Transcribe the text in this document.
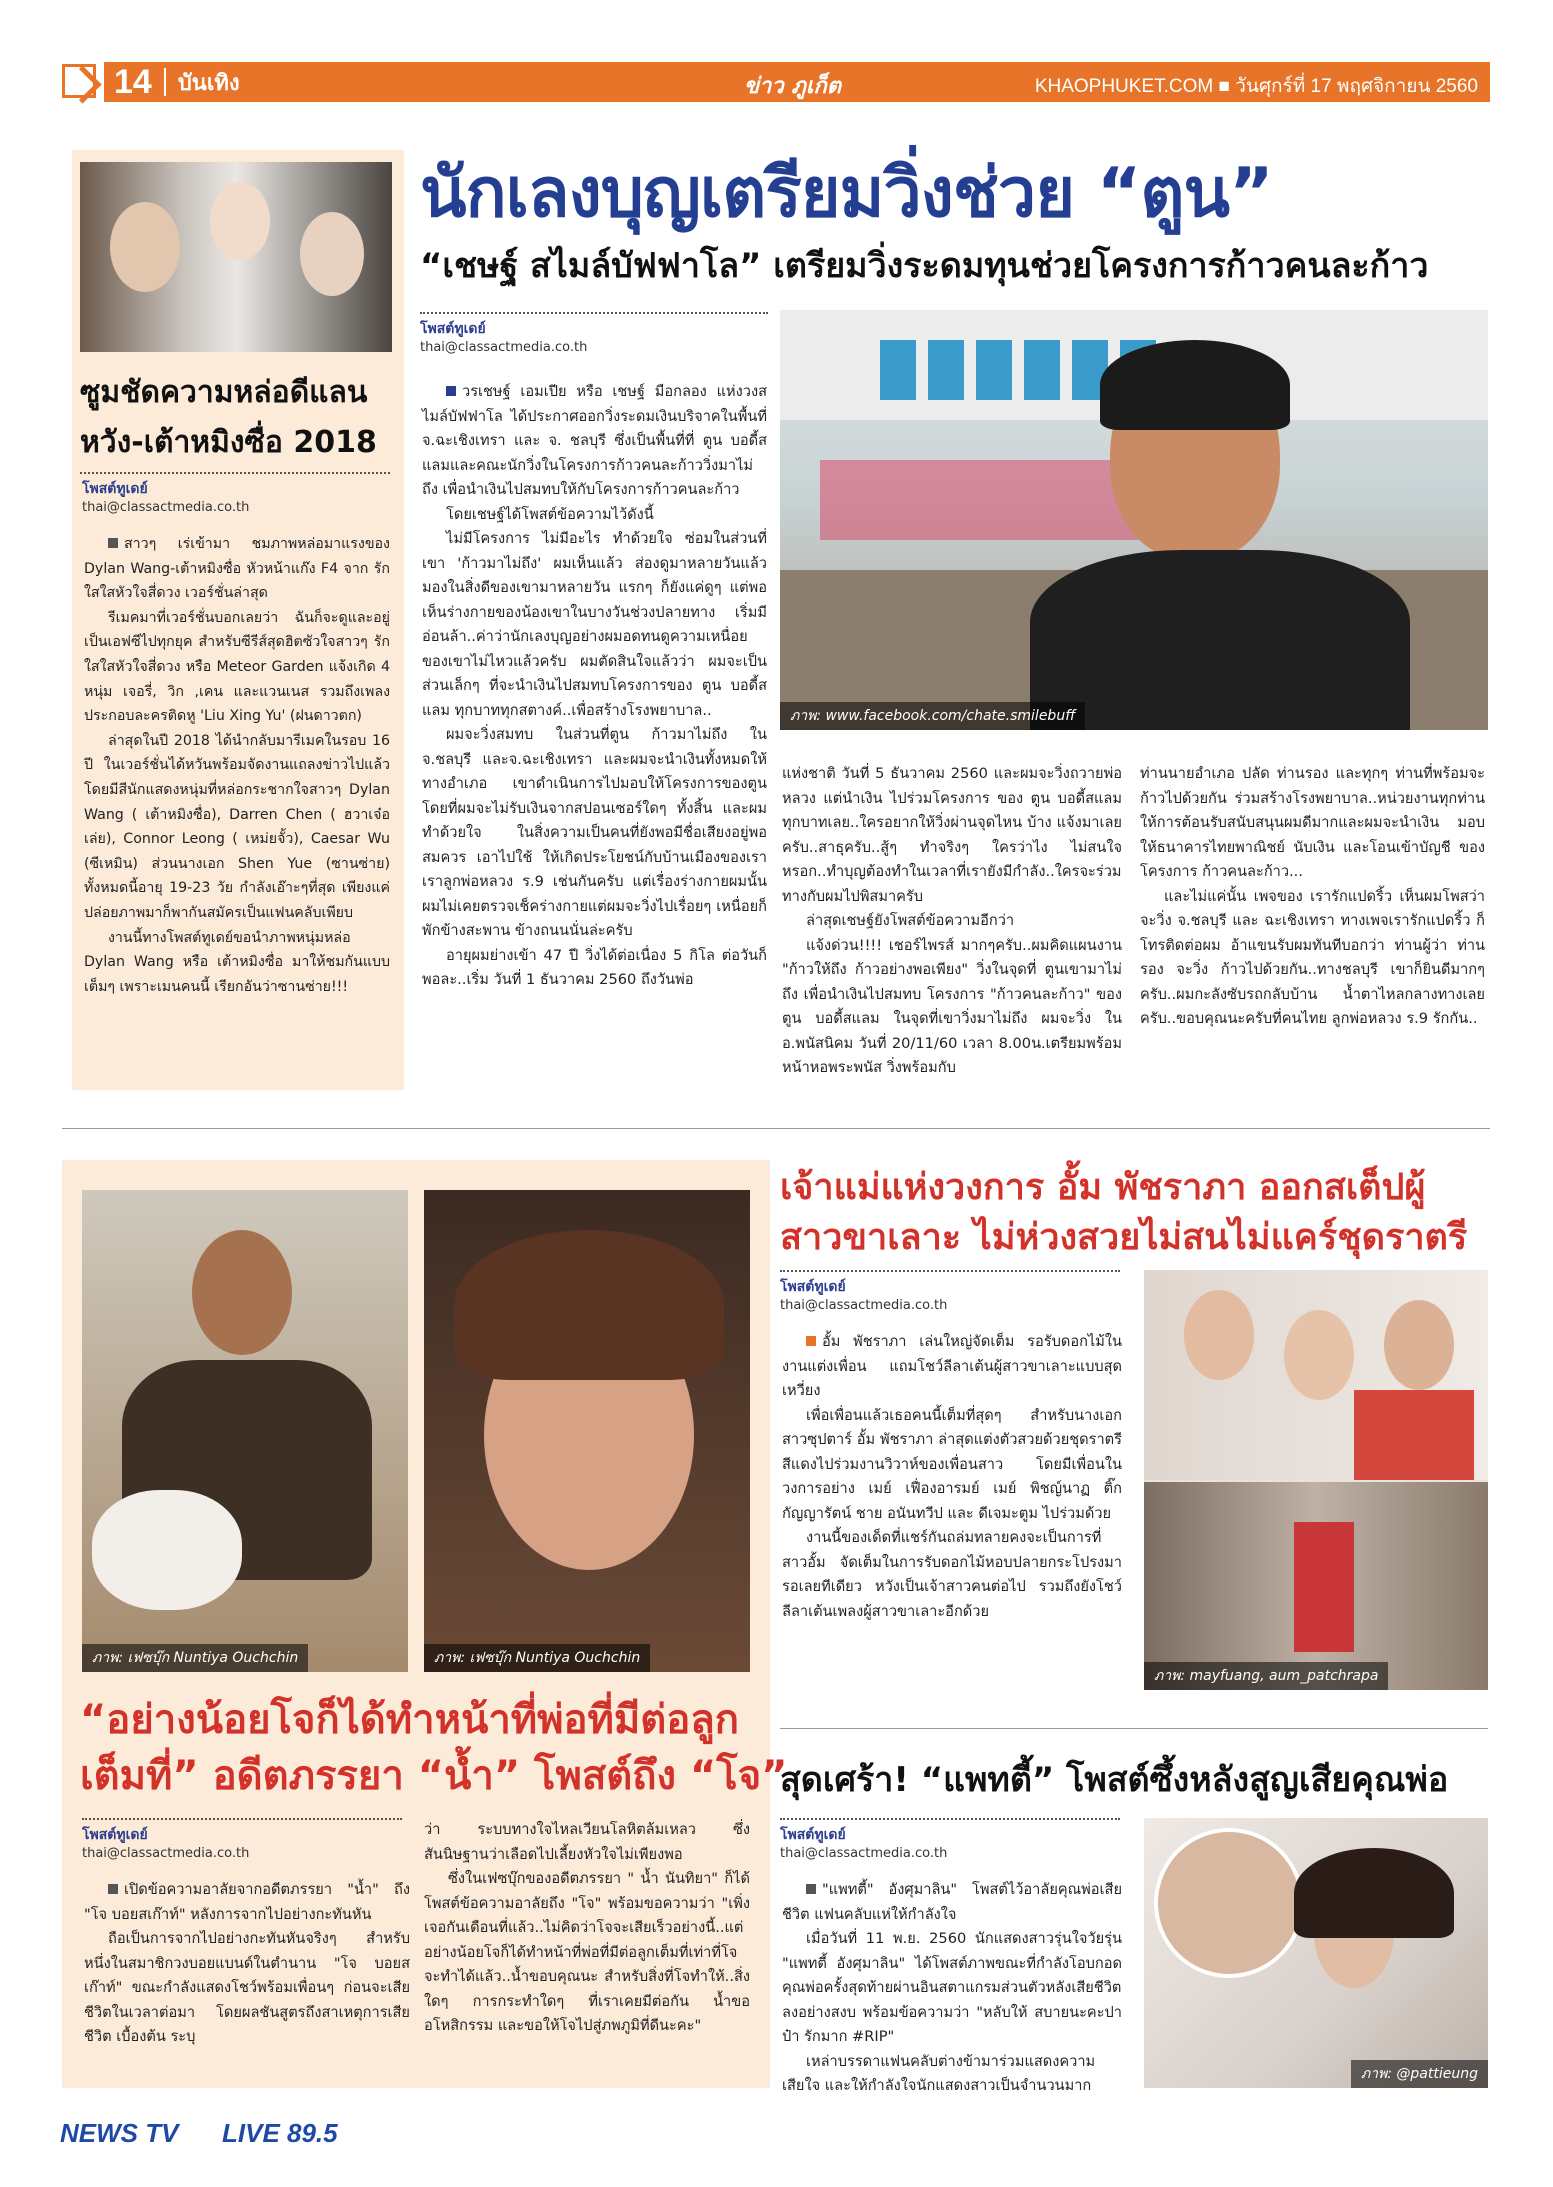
14 บันเทิง	ข่าว ภูเก็ต	KHAOPHUKET.COM ■ วันศุกร์ที่ 17 พฤศจิกายน 2560
ซูมชัดความหล่อดีแลน
หวัง-เต้าหมิงซื่อ 2018
โพสต์ทูเดย์
thai@classactmedia.co.th

สาวๆ เร่เข้ามา ชมภาพหล่อมาแรงของ Dylan Wang-เต้าหมิงซื่อ หัวหน้าแก๊ง F4 จาก รักใสใสหัวใจสี่ดวง เวอร์ชั่นล่าสุด

รีเมคมาที่เวอร์ชั่นบอกเลยว่า ฉันก็จะดูและอยู่เป็นเอฟซีไปทุกยุค สำหรับซีรีส์สุดฮิตซัวใจสาวๆ รักใสใสหัวใจสี่ดวง หรือ Meteor Garden แจ้งเกิด 4 หนุ่ม เจอรี่, วิก ,เคน และแวนเนส รวมถึงเพลงประกอบละครติดหู 'Liu Xing Yu' (ฝนดาวตก)

ล่าสุดในปี 2018 ได้นำกลับมารีเมคในรอบ 16 ปี ในเวอร์ชั่นได้หวันพร้อมจัดงานแถลงข่าวไปแล้ว โดยมีสีนักแสดงหนุ่มที่หล่อกระชากใจสาวๆ Dylan Wang ( เต้าหมิงซื่อ), Darren Chen ( ฮวาเจ๋อเล่ย), Connor Leong ( เหม่ยจั้ว), Caesar Wu (ซีเหมิน) ส่วนนางเอก Shen Yue (ซานซ่าย) ทั้งหมดนี้อายุ 19-23 วัย กำลังเอ๊าะๆที่สุด เพียงแค่ปล่อยภาพมาก็พากันสมัครเป็นแฟนคลับเพียบ

งานนี้ทางโพสต์ทูเดย์ขอนำภาพหนุ่มหล่อ Dylan Wang หรือ เต้าหมิงซื่อ มาให้ชมกันแบบเต็มๆ เพราะเมนคนนี้ เรียกอันว่าซานซ่าย!!!

นักเลงบุญเตรียมวิ่งช่วย “ตูน”
“เชษฐ์ สไมล์บัฟฟาโล” เตรียมวิ่งระดมทุนช่วยโครงการก้าวคนละก้าว
โพสต์ทูเดย์
thai@classactmedia.co.th
ภาพ: www.facebook.com/chate.smilebuff

วรเชษฐ์ เอมเปีย หรือ เชษฐ์ มือกลอง แห่งวงสไมล์บัฟฟาโล ได้ประกาศออกวิ่งระดมเงินบริจาคในพื้นที่ จ.ฉะเชิงเทรา และ จ. ชลบุรี ซึ่งเป็นพื้นที่ที่ ตูน บอดี้สแลมและคณะนักวิ่งในโครงการก้าวคนละก้าววิ่งมาไม่ถึง เพื่อนำเงินไปสมทบให้กับโครงการก้าวคนละก้าว

โดยเชษฐ์ได้โพสต์ข้อความไว้ดังนี้

ไม่มีโครงการ ไม่มีอะไร ทำด้วยใจ ซ่อมในส่วนที่เขา 'ก้าวมาไม่ถึง' ผมเห็นแล้ว ส่องดูมาหลายวันแล้ว มองในสิ่งดีของเขามาหลายวัน แรกๆ ก็ยังแค่ดูๆ แต่พอเห็นร่างกายของน้องเขาในบางวันช่วงปลายทาง เริ่มมีอ่อนล้า..ค่าว่านักเลงบุญอย่างผมอดทนดูความเหนื่อย ของเขาไม่ไหวแล้วครับ ผมตัดสินใจแล้วว่า ผมจะเป็นส่วนเล็กๆ ที่จะนำเงินไปสมทบโครงการของ ตูน บอดี้สแลม ทุกบาททุกสตางค์..เพื่อสร้างโรงพยาบาล..

ผมจะวิ่งสมทบ ในส่วนที่ตูน ก้าวมาไม่ถึง ใน จ.ชลบุรี และจ.ฉะเชิงเทรา และผมจะนำเงินทั้งหมดให้ทางอำเภอ เขาดำเนินการไปมอบให้โครงการของตูน โดยที่ผมจะไม่รับเงินจากสปอนเซอร์ใดๆ ทั้งสิ้น และผมทำด้วยใจ ในสิ่งความเป็นคนที่ยังพอมีชื่อเสียงอยู่พอสมควร เอาไปใช้ ให้เกิดประโยชน์กับบ้านเมืองของเรา เราลูกพ่อหลวง ร.9 เช่นกันครับ แต่เรื่องร่างกายผมนั้น ผมไม่เคยตรวจเช็คร่างกายแต่ผมจะวิ่งไปเรื่อยๆ เหนื่อยก็พักข้างสะพาน ข้างถนนนั่นล่ะครับ

อายุผมย่างเข้า 47 ปี วิ่งได้ต่อเนื่อง 5 กิโล ต่อวันก็พอละ..เริ่ม วันที่ 1 ธันวาคม 2560 ถึงวันพ่อ

แห่งชาติ วันที่ 5 ธันวาคม 2560 และผมจะวิ่งถวายพ่อหลวง แต่นำเงิน ไปร่วมโครงการ ของ ตูน บอดี้สแลม ทุกบาทเลย..ใครอยากให้วิ่งผ่านจุดไหน บ้าง แจ้งมาเลยครับ..สาธุครับ..สู้ๆ ทำจริงๆ ใครว่าไง ไม่สนใจหรอก..ทำบุญต้องทำในเวลาที่เรายังมีกำลัง..ใครจะร่วมทางกับผมไปพิสมาครับ

ล่าสุดเชษฐ์ยังโพสต์ข้อความอีกว่า

แจ้งด่วน!!!! เชอร์ไพรส์ มากๆครับ..ผมคิดแผนงาน "ก้าวให้ถึง ก้าวอย่างพอเพียง" วิ่งในจุดที่ ตูนเขามาไม่ถึง เพื่อนำเงินไปสมทบ โครงการ "ก้าวคนละก้าว" ของตูน บอดี้สแลม ในจุดที่เขาวิ่งมาไม่ถึง ผมจะวิ่ง ใน อ.พนัสนิคม วันที่ 20/11/60 เวลา 8.00น.เตรียมพร้อมหน้าหอพระพนัส วิ่งพร้อมกับ

ท่านนายอำเภอ ปลัด ท่านรอง และทุกๆ ท่านที่พร้อมจะก้าวไปด้วยกัน ร่วมสร้างโรงพยาบาล..หน่วยงานทุกท่านให้การต้อนรับสนับสนุนผมดีมากและผมจะนำเงิน มอบให้ธนาคารไทยพาณิชย์ นับเงิน และโอนเข้าบัญชี ของโครงการ ก้าวคนละก้าว...

และไม่แค่นั้น เพจของ เรารักแปดริ้ว เห็นผมโพสว่าจะวิ่ง จ.ชลบุรี และ ฉะเชิงเทรา ทางเพจเรารักแปดริ้ว ก็โทรติดต่อผม อ้าแขนรับผมทันทีบอกว่า ท่านผู้ว่า ท่านรอง จะวิ่ง ก้าวไปด้วยกัน..ทางชลบุรี เขาก็ยินดีมากๆครับ..ผมกะลังซับรถกลับบ้าน น้ำตาไหลกลางทางเลยครับ..ขอบคุณนะครับที่คนไทย ลูกพ่อหลวง ร.9 รักกัน..

ภาพ: เฟซบุ๊ก Nuntiya Ouchchin	ภาพ: เฟซบุ๊ก Nuntiya Ouchchin
“อย่างน้อยโจก็ได้ทำหน้าที่พ่อที่มีต่อลูก
เต็มที่” อดีตภรรยา “น้ำ” โพสต์ถึง “โจ”
โพสต์ทูเดย์
thai@classactmedia.co.th

เปิดข้อความอาลัยจากอดีตภรรยา "น้ำ" ถึง "โจ บอยสเก๊าท์" หลังการจากไปอย่างกะทันหัน

ถือเป็นการจากไปอย่างกะทันหันจริงๆ สำหรับหนึ่งในสมาชิกวงบอยแบนด์ในตำนาน "โจ บอยสเก๊าท์" ขณะกำลังแสดงโชว์พร้อมเพื่อนๆ ก่อนจะเสียชีวิตในเวลาต่อมา โดยผลชันสูตรถึงสาเหตุการเสียชีวิต เบื้องต้น ระบุ

ว่า ระบบทางใจไหลเวียนโลหิตล้มเหลว ซึ่งสันนิษฐานว่าเลือดไปเลี้ยงหัวใจไม่เพียงพอ

ซึ่งในเฟซบุ๊กของอดีตภรรยา " น้ำ นันทิยา" ก็ได้โพสต์ข้อความอาลัยถึง "โจ" พร้อมขอความว่า "เพิ่งเจอกันเดือนที่แล้ว..ไม่คิดว่าโจจะเสียเร็วอย่างนี้..แต่อย่างน้อยโจก็ได้ทำหน้าที่พ่อที่มีต่อลูกเต็มที่เท่าที่โจจะทำได้แล้ว..น้ำขอบคุณนะ สำหรับสิ่งที่โจทำให้..สิ่งใดๆ การกระทำใดๆ ที่เราเคยมีต่อกัน น้ำขออโหสิกรรม และขอให้โจไปสู่ภพภูมิที่ดีนะคะ"

เจ้าแม่แห่งวงการ อั้ม พัชราภา ออกสเต็ปผู้
สาวขาเลาะ ไม่ห่วงสวยไม่สนไม่แคร์ชุดราตรี
โพสต์ทูเดย์
thai@classactmedia.co.th

อั้ม พัชราภา เล่นใหญ่จัดเต็ม รอรับดอกไม้ในงานแต่งเพื่อน แถมโชว์ลีลาเต้นผู้สาวขาเลาะแบบสุดเหวี่ยง

เพื่อเพื่อนแล้วเธอคนนี้เต็มที่สุดๆ สำหรับนางเอกสาวซุปตาร์ อั้ม พัชราภา ล่าสุดแต่งตัวสวยด้วยชุดราตรีสีแดงไปร่วมงานวิวาห์ของเพื่อนสาว โดยมีเพื่อนในวงการอย่าง เมย์ เฟื่องอารมย์ เมย์ พิชญ์นาฏ ติ๊ก กัญญารัตน์ ชาย อนันทวีป และ ดีเจมะตูม ไปร่วมด้วย

งานนี้ของเด็ดที่แชร์กันถล่มทลายคงจะเป็นการที่ สาวอั้ม จัดเต็มในการรับดอกไม้หอบปลายกระโปรงมารอเลยทีเดียว หวังเป็นเจ้าสาวคนต่อไป รวมถึงยังโชว์ลีลาเต้นเพลงผู้สาวขาเลาะอีกด้วย

ภาพ: mayfuang, aum_patchrapa
สุดเศร้า! “แพทตี้” โพสต์ซึ้งหลังสูญเสียคุณพ่อ
โพสต์ทูเดย์
thai@classactmedia.co.th

"แพทตี้" อังศุมาลิน" โพสต์ไว้อาลัยคุณพ่อเสียชีวิต แฟนคลับแห่ให้กำลังใจ

เมื่อวันที่ 11 พ.ย. 2560 นักแสดงสาวรุ่นใจวัยรุ่น "แพทตี้ อังศุมาลิน" ได้โพสต์ภาพขณะที่กำลังโอบกอดคุณพ่อครั้งสุดท้ายผ่านอินสตาแกรมส่วนตัวหลังเสียชีวิตลงอย่างสงบ พร้อมข้อความว่า "หลับให้ สบายนะคะปาป๋า รักมาก #RIP"

เหล่าบรรดาแฟนคลับต่างข้ามาร่วมแสดงความเสียใจ และให้กำลังใจนักแสดงสาวเป็นจำนวนมาก

ภาพ: @pattieung
NEWS TV LIVE 89.5
